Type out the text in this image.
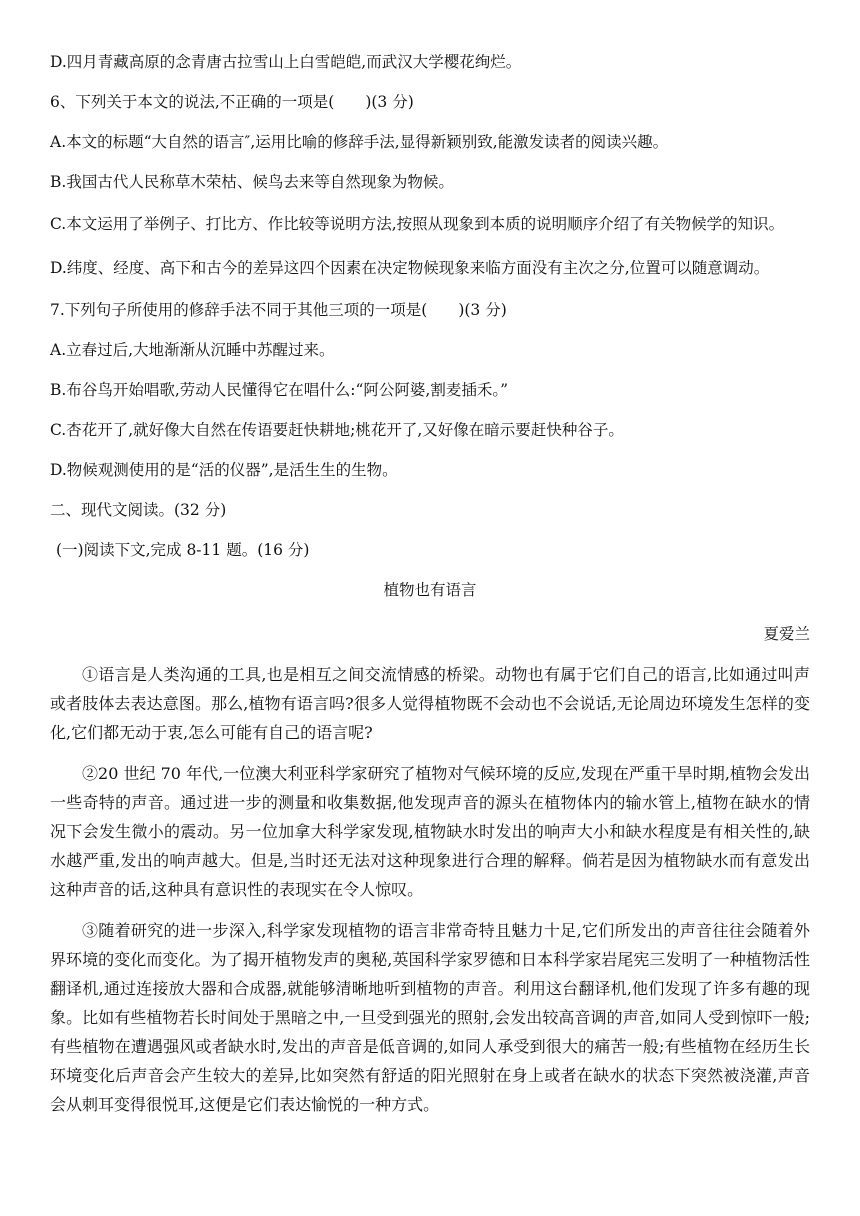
D.四月青藏高原的念青唐古拉雪山上白雪皑皑,而武汉大学樱花绚烂。

6、下列关于本文的说法,不正确的一项是(　　)(3 分)

A.本文的标题“大自然的语言″,运用比喻的修辞手法,显得新颖别致,能激发读者的阅读兴趣。

B.我国古代人民称草木荣枯、候鸟去来等自然现象为物候。

C.本文运用了举例子、打比方、作比较等说明方法,按照从现象到本质的说明顺序介绍了有关物候学的知识。

D.纬度、经度、高下和古今的差异这四个因素在决定物候现象来临方面没有主次之分,位置可以随意调动。

7.下列句子所使用的修辞手法不同于其他三项的一项是(　　)(3 分)

A.立春过后,大地渐渐从沉睡中苏醒过来。

B.布谷鸟开始唱歌,劳动人民懂得它在唱什么:“阿公阿婆,割麦插禾。”

C.杏花开了,就好像大自然在传语要赶快耕地;桃花开了,又好像在暗示要赶快种谷子。

D.物候观测使用的是“活的仪器”,是活生生的生物。

二、现代文阅读。(32 分)

(一)阅读下文,完成 8-11 题。(16 分)

植物也有语言
夏爱兰

①语言是人类沟通的工具,也是相互之间交流情感的桥梁。动物也有属于它们自己的语言,比如通过叫声或者肢体去表达意图。那么,植物有语言吗?很多人觉得植物既不会动也不会说话,无论周边环境发生怎样的变化,它们都无动于衷,怎么可能有自己的语言呢?

②20 世纪 70 年代,一位澳大利亚科学家研究了植物对气候环境的反应,发现在严重干旱时期,植物会发出一些奇特的声音。通过进一步的测量和收集数据,他发现声音的源头在植物体内的输水管上,植物在缺水的情况下会发生微小的震动。另一位加拿大科学家发现,植物缺水时发出的响声大小和缺水程度是有相关性的,缺水越严重,发出的响声越大。但是,当时还无法对这种现象进行合理的解释。倘若是因为植物缺水而有意发出这种声音的话,这种具有意识性的表现实在令人惊叹。

③随着研究的进一步深入,科学家发现植物的语言非常奇特且魅力十足,它们所发出的声音往往会随着外界环境的变化而变化。为了揭开植物发声的奥秘,英国科学家罗德和日本科学家岩尾宪三发明了一种植物活性翻译机,通过连接放大器和合成器,就能够清晰地听到植物的声音。利用这台翻译机,他们发现了许多有趣的现象。比如有些植物若长时间处于黑暗之中,一旦受到强光的照射,会发出较高音调的声音,如同人受到惊吓一般;有些植物在遭遇强风或者缺水时,发出的声音是低音调的,如同人承受到很大的痛苦一般;有些植物在经历生长环境变化后声音会产生较大的差异,比如突然有舒适的阳光照射在身上或者在缺水的状态下突然被浇灌,声音会从刺耳变得很悦耳,这便是它们表达愉悦的一种方式。
